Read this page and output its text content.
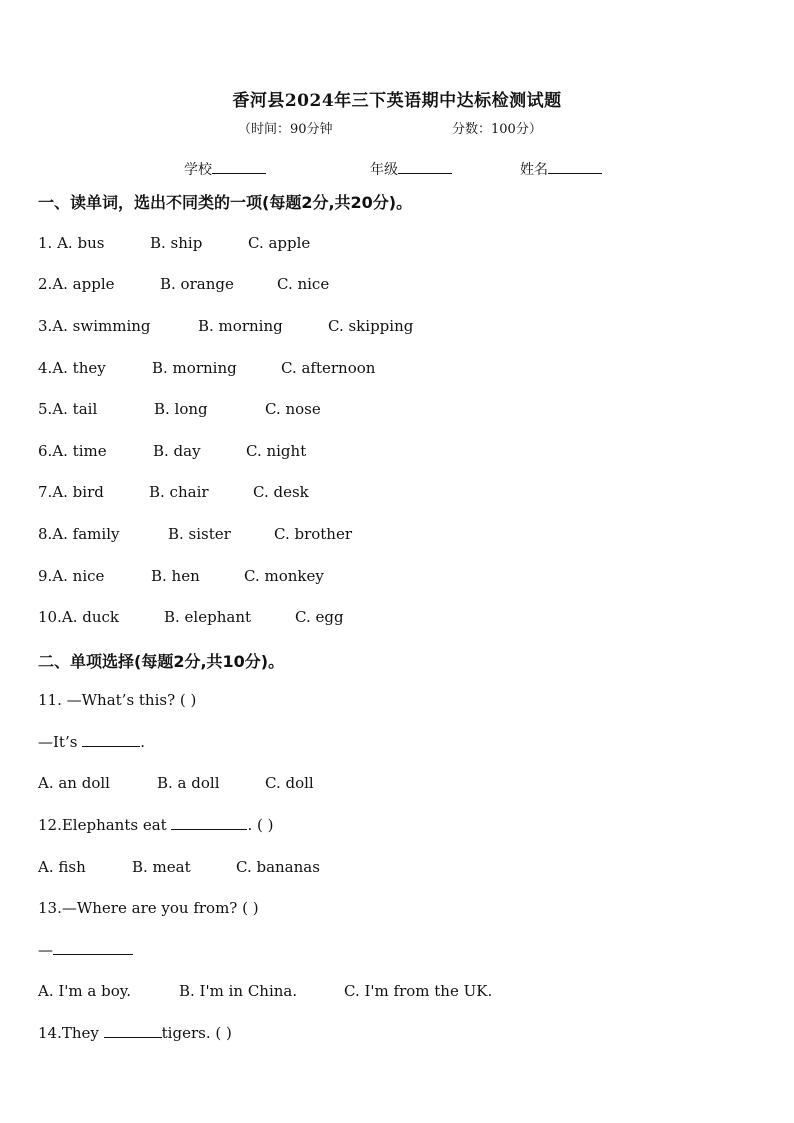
香河县2024年三下英语期中达标检测试题
（时间：90分钟	分数：100分）
学校	年级	姓名
一、读单词，选出不同类的一项(每题2分,共20分)。
1. A. bus	B. ship	C. apple
2.A. apple	B. orange	C. nice
3.A. swimming	B. morning	C. skipping
4.A. they	B. morning	C. afternoon
5.A. tail	B. long	C. nose
6.A. time	B. day	C. night
7.A. bird	B. chair	C. desk
8.A. family	B. sister	C. brother
9.A. nice	B. hen	C. monkey
10.A. duck	B. elephant	C. egg
二、单项选择(每题2分,共10分)。
11. —What’s this? ( )
—It’s	.
A. an doll	B. a doll	C. doll
12.Elephants eat	. ( )
A. fish	B. meat	C. bananas
13.—Where are you from? ( )
—
A. I'm a boy.	B. I'm in China.	C. I'm from the UK.
14.They	tigers. ( )
